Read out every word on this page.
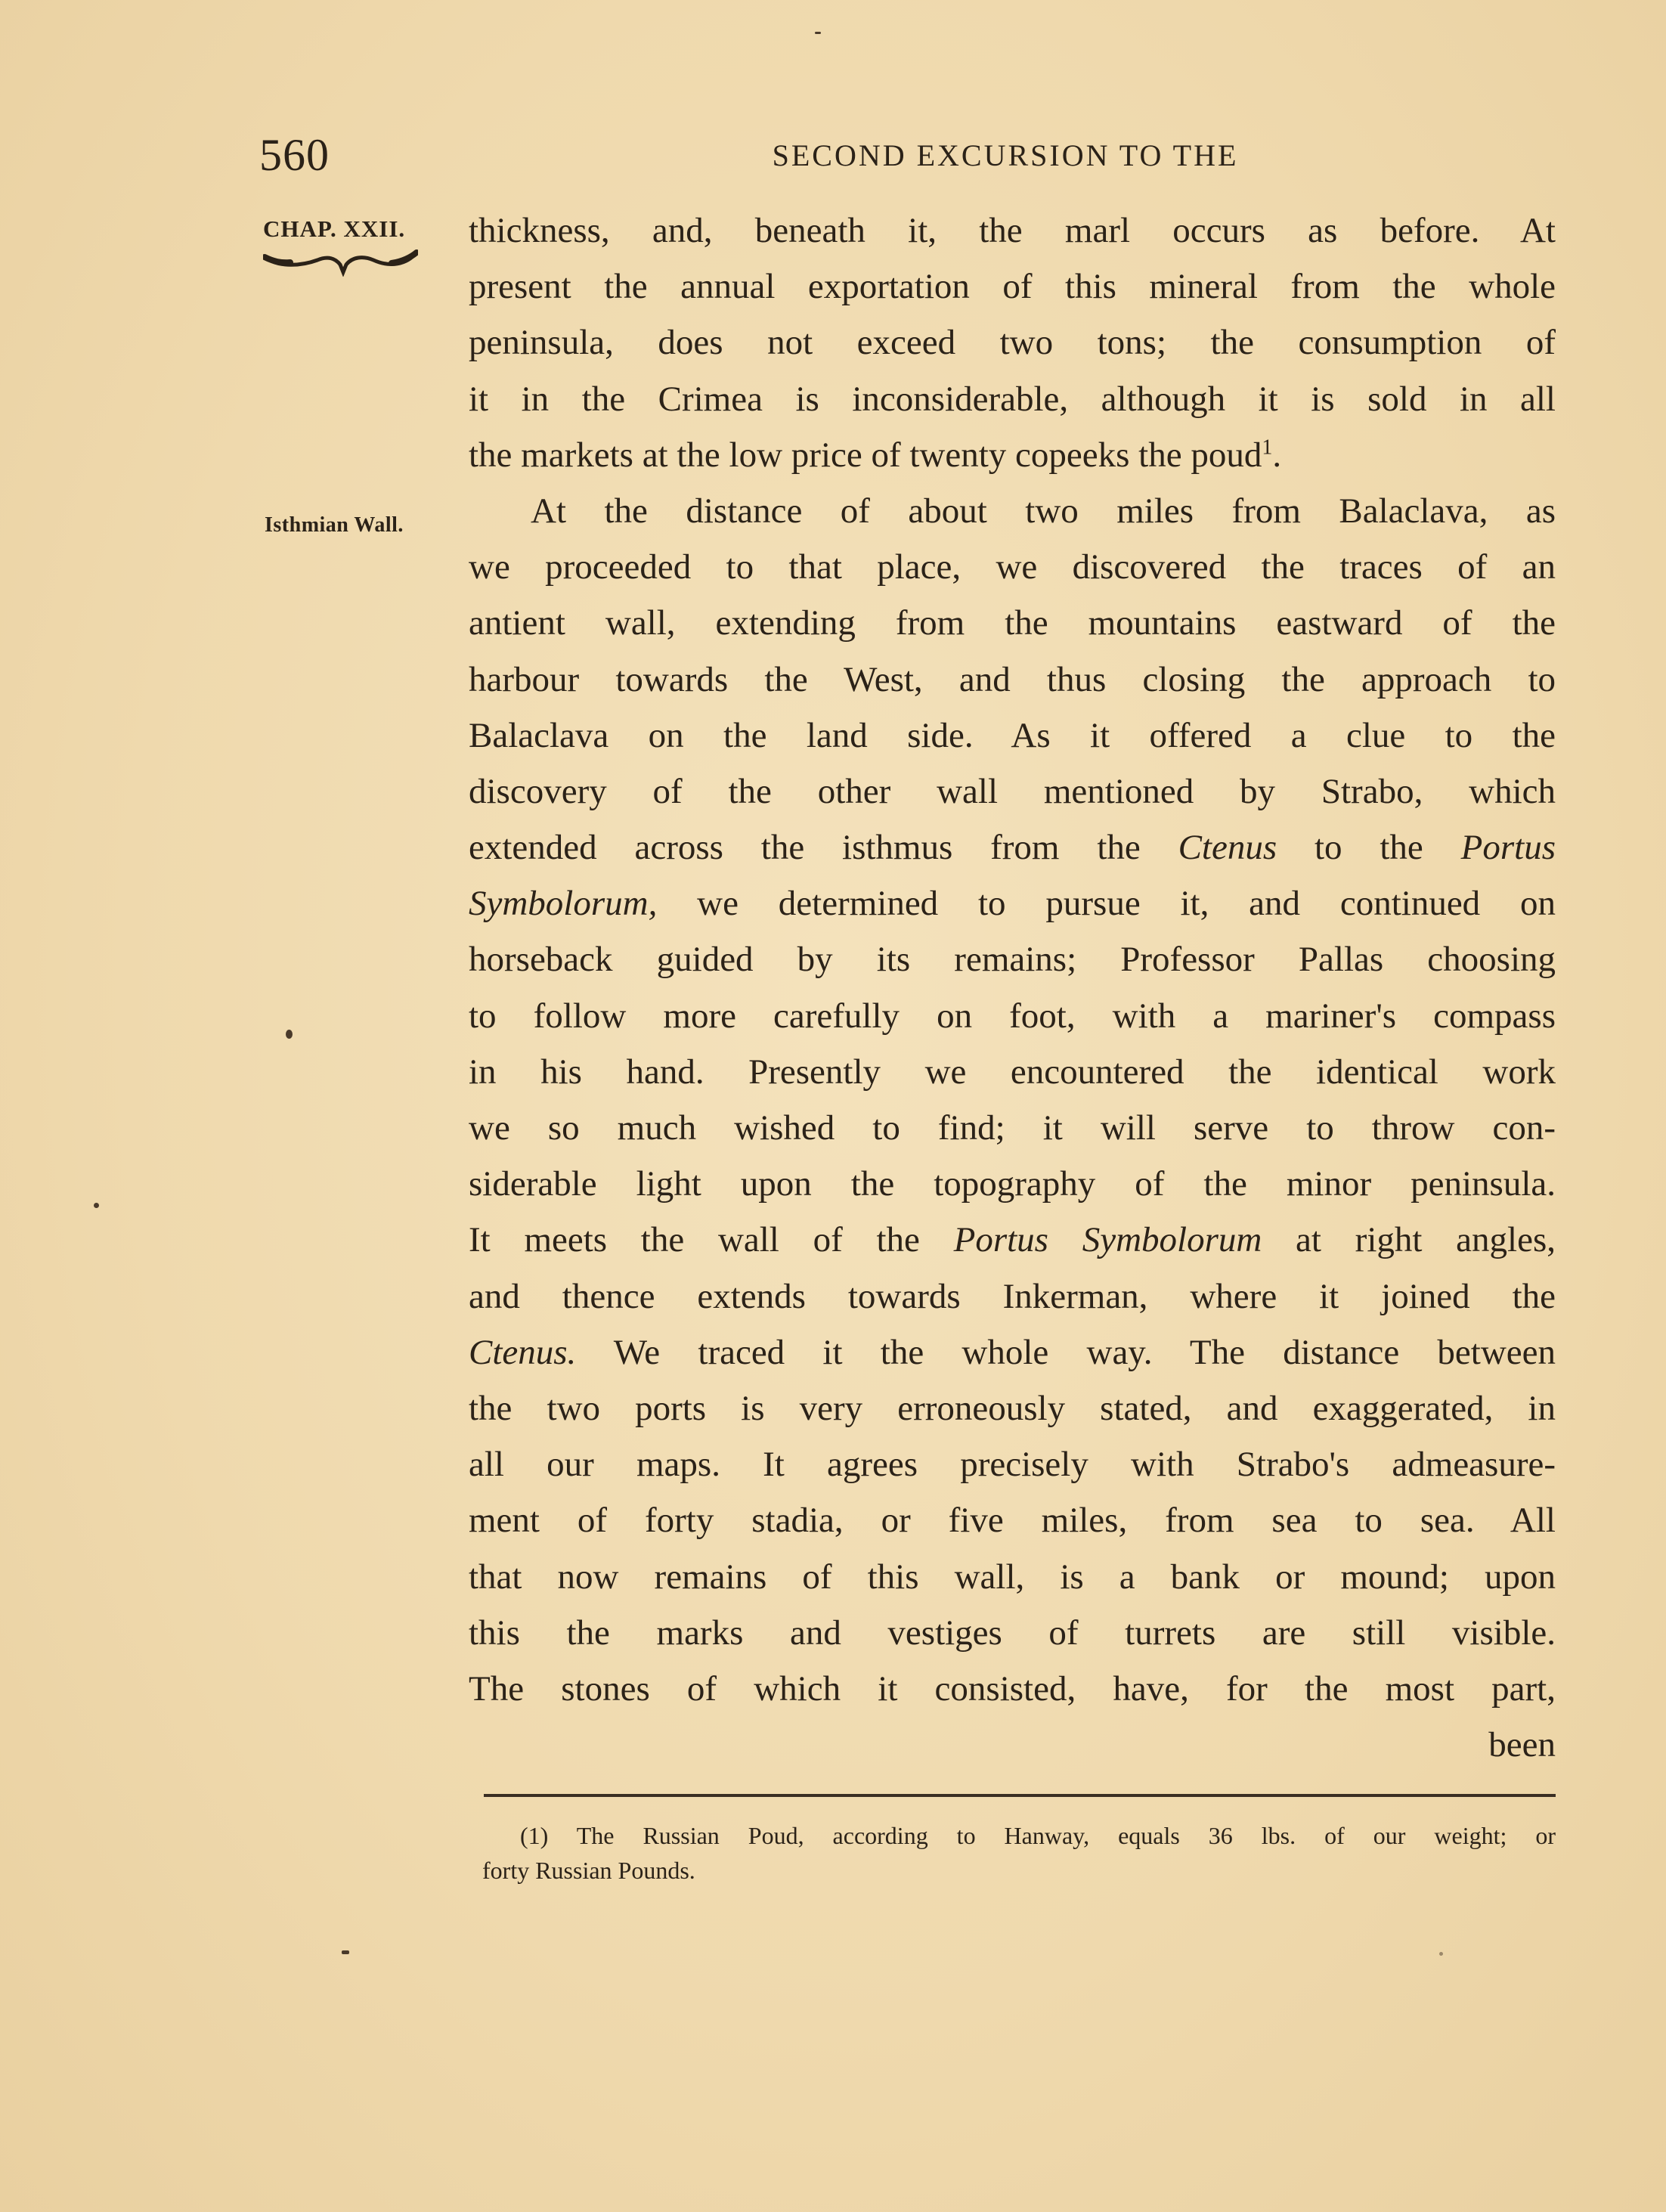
560	SECOND EXCURSION TO THE
CHAP. XXII.
Isthmian Wall.
thickness, and, beneath it, the marl occurs as before. At
present the annual exportation of this mineral from the whole
peninsula, does not exceed two tons; the consumption of
it in the Crimea is inconsiderable, although it is sold in all
the markets at the low price of twenty copeeks the poud$^1$.
At the distance of about two miles from Balaclava, as
we proceeded to that place, we discovered the traces of an
antient wall, extending from the mountains eastward of the
harbour towards the West, and thus closing the approach to
Balaclava on the land side. As it offered a clue to the
discovery of the other wall mentioned by Strabo, which
extended across the isthmus from the Ctenus to the Portus
Symbolorum, we determined to pursue it, and continued on
horseback guided by its remains; Professor Pallas choosing
to follow more carefully on foot, with a mariner's compass
in his hand. Presently we encountered the identical work
we so much wished to find; it will serve to throw con-
siderable light upon the topography of the minor peninsula.
It meets the wall of the Portus Symbolorum at right angles,
and thence extends towards Inkerman, where it joined the
Ctenus. We traced it the whole way. The distance between
the two ports is very erroneously stated, and exaggerated, in
all our maps. It agrees precisely with Strabo's admeasure-
ment of forty stadia, or five miles, from sea to sea. All
that now remains of this wall, is a bank or mound; upon
this the marks and vestiges of turrets are still visible.
The stones of which it consisted, have, for the most part,
been
(1) The Russian Poud, according to Hanway, equals 36 lbs. of our weight; or
forty Russian Pounds.
